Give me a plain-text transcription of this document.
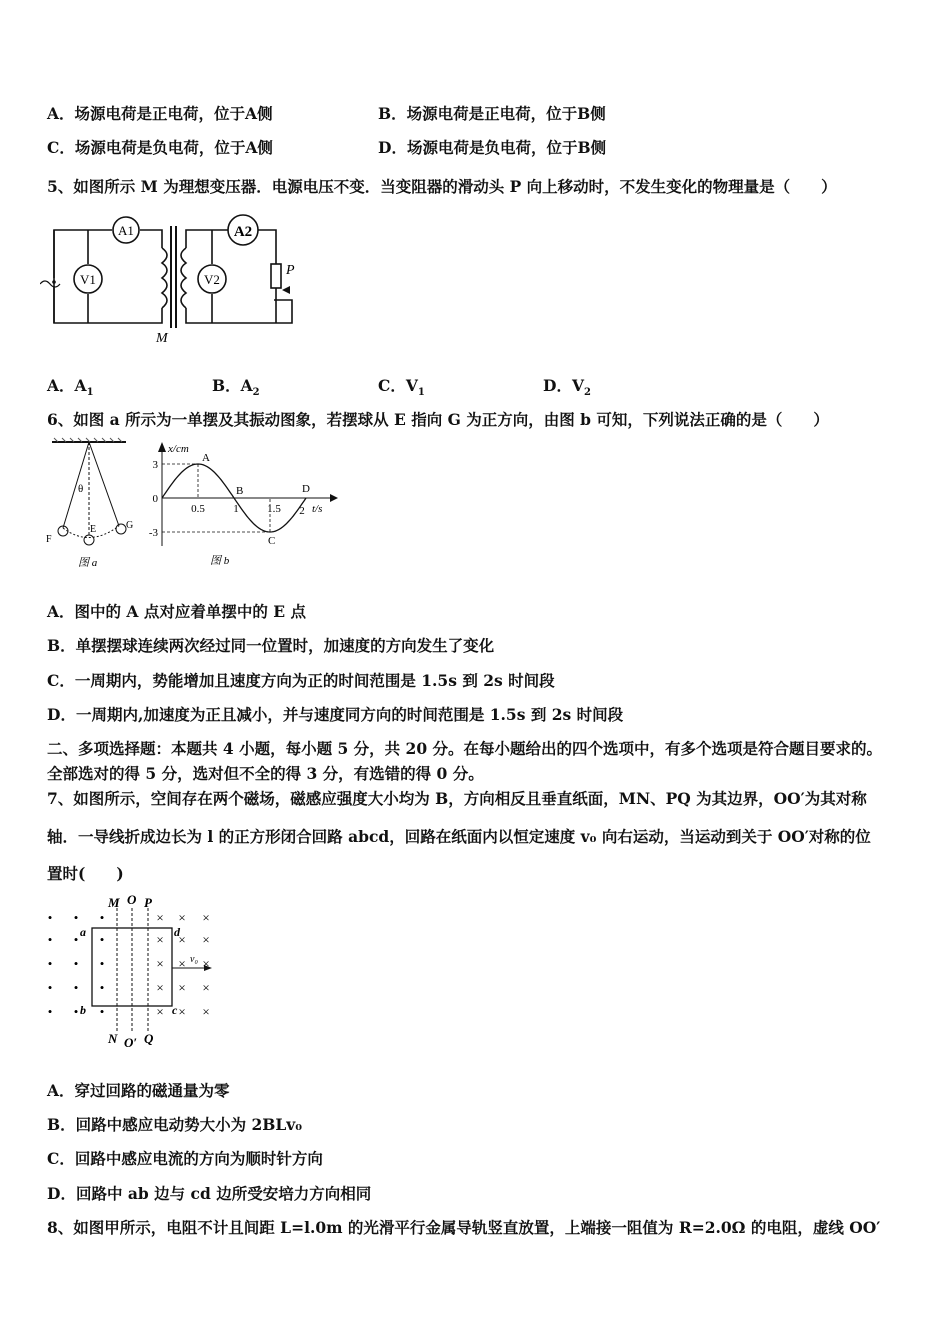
A．场源电荷是正电荷，位于A侧	B．场源电荷是正电荷，位于B侧
C．场源电荷是负电荷，位于A侧	D．场源电荷是负电荷，位于B侧
5、如图所示 M 为理想变压器．电源电压不变．当变阻器的滑动头 P 向上移动时，不发生变化的物理量是（　　）
A1
V1	V2
A2
P
M
A．$A_1$	B．$A_2$	C．$V_1$	D．$V_2$
6、如图 a 所示为一单摆及其振动图象，若摆球从 E 指向 G 为正方向，由图 b 可知，下列说法正确的是（　　）
θ
F
E	G
图 a
3
-3
0
0.5	1	1.5 2
A
B
C
D
x/cm
t/s
图 b
A．图中的 A 点对应着单摆中的 E 点
B．单摆摆球连续两次经过同一位置时，加速度的方向发生了变化
C．一周期内，势能增加且速度方向为正的时间范围是 1.5s 到 2s 时间段
D．一周期内,加速度为正且减小，并与速度同方向的时间范围是 1.5s 到 2s 时间段
二、多项选择题：本题共 4 小题，每小题 5 分，共 20 分。在每小题给出的四个选项中，有多个选项是符合题目要求的。
全部选对的得 5 分，选对但不全的得 3 分，有选错的得 0 分。
7、如图所示，空间存在两个磁场，磁感应强度大小均为 B，方向相反且垂直纸面，MN、PQ 为其边界，OO′为其对称
轴．一导线折成边长为 l 的正方形闭合回路 abcd，回路在纸面内以恒定速度 v₀ 向右运动，当运动到关于 OO′对称的位
置时(　　)
• • •	× × ×
• • •	× × ×
• • •	× × ×
• • •	× × ×
• • •	× × ×
M O P
N O′ Q
a
b	c
d
v₀
A．穿过回路的磁通量为零
B．回路中感应电动势大小为 2BLv₀
C．回路中感应电流的方向为顺时针方向
D．回路中 ab 边与 cd 边所受安培力方向相同
8、如图甲所示，电阻不计且间距 L=l.0m 的光滑平行金属导轨竖直放置，上端接一阻值为 R=2.0Ω 的电阻，虚线 OO′
